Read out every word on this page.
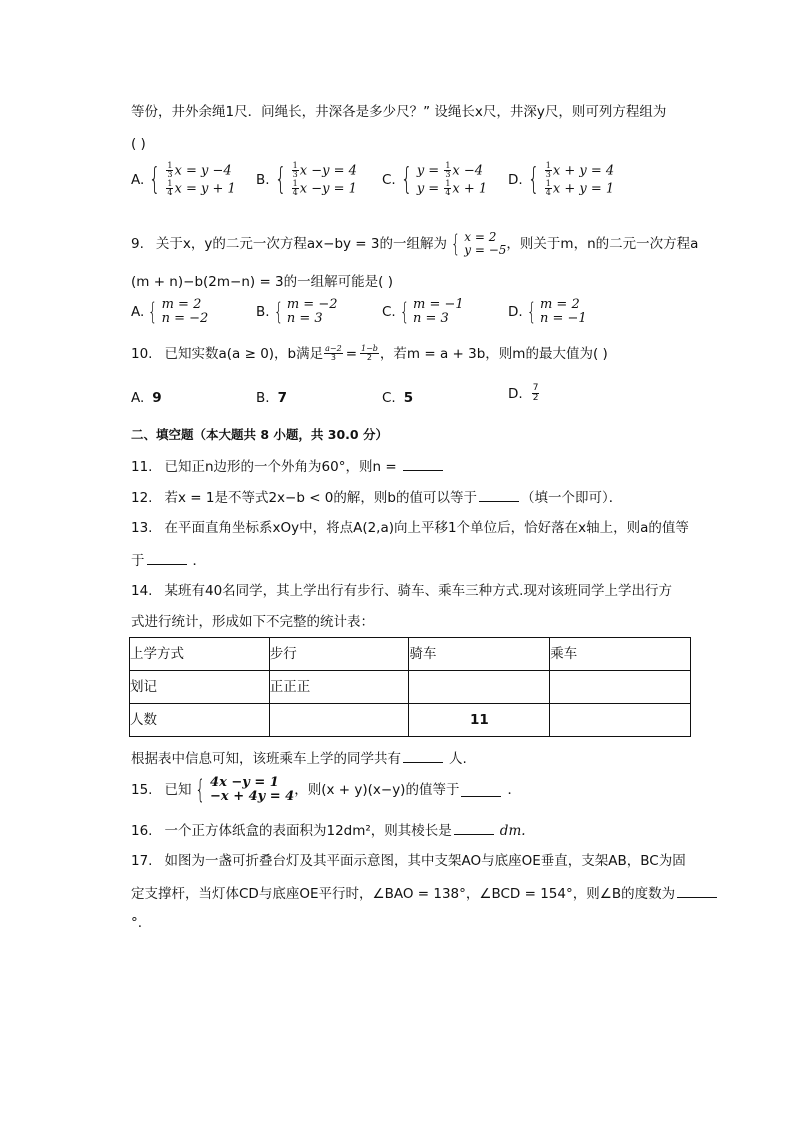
等份，井外余绳1尺．问绳长，井深各是多少尺？” 设绳长x尺，井深y尺，则可列方程组为
( )
A. { $\frac{1}{3}$ x = y −4
$\frac{1}{4}$ x = y + 1
B. { $\frac{1}{3}$ x −y = 4
$\frac{1}{4}$ x −y = 1
C. { $y = \frac{1}{3}$ x −4
$y = \frac{1}{4}$ x + 1
D. { $\frac{1}{3}$ x + y = 4
$\frac{1}{4}$ x + y = 1
9. 关于x，y的二元一次方程ax−by = 3的一组解为 { x = 2
y = −5 ，则关于m，n的二元一次方程a
(m + n)−b(2m−n) = 3的一组解可能是( )
A. { m = 2
n = −2	B. { m = −2
n = 3	C. { m = −1
n = 3	D. { m = 2
n = −1
10. 已知实数a(a ≥ 0)，b满足 $\frac{a-2}{3} = \frac{1-b}{2}$ ，若m = a + 3b，则m的最大值为( )
A. 9	B. 7	C. 5	D. $\frac{7}{2}$
二、填空题（本大题共 8 小题，共 30.0 分）
11. 已知正n边形的一个外角为60°，则n =
12. 若x = 1是不等式2x−b < 0的解，则b的值可以等于	（填一个即可）．
13. 在平面直角坐标系xOy中，将点A(2,a)向上平移1个单位后，恰好落在x轴上，则a的值等
于	．
14. 某班有40名同学，其上学出行有步行、骑车、乘车三种方式.现对该班同学上学出行方
式进行统计，形成如下不完整的统计表：
上学方式	步行	骑车	乘车
划记	正正正		
人数		11	
根据表中信息可知，该班乘车上学的同学共有	人.
15. 已知 { 4x −y = 1
−x + 4y = 4 ，则(x + y)(x−y)的值等于	．
16. 一个正方体纸盒的表面积为12dm²，则其棱长是	dm.
17. 如图为一盏可折叠台灯及其平面示意图，其中支架AO与底座OE垂直，支架AB，BC为固
定支撑杆，当灯体CD与底座OE平行时，∠BAO = 138°，∠BCD = 154°，则∠B的度数为
°.
